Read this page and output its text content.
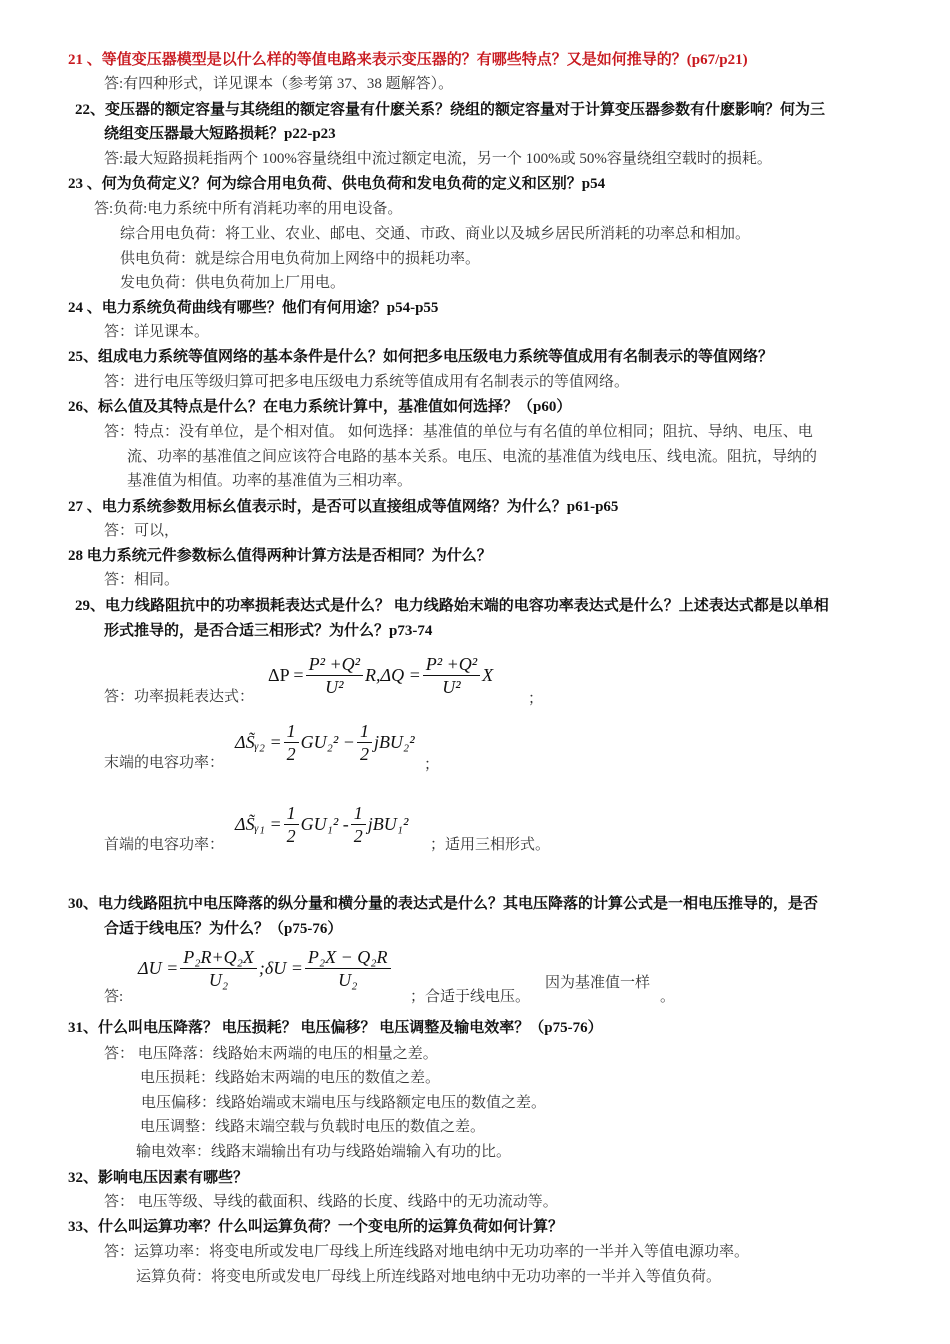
21 、等值变压器模型是以什么样的等值电路来表示变压器的？有哪些特点？又是如何推导的？(p67/p21)
答:有四种形式，详见课本（参考第 37、38 题解答）。
22、变压器的额定容量与其绕组的额定容量有什麽关系？绕组的额定容量对于计算变压器参数有什麽影响？何为三
绕组变压器最大短路损耗？p22-p23
答:最大短路损耗指两个 100%容量绕组中流过额定电流，另一个 100%或 50%容量绕组空载时的损耗。
23 、何为负荷定义？何为综合用电负荷、供电负荷和发电负荷的定义和区别？p54
答:负荷:电力系统中所有消耗功率的用电设备。
综合用电负荷：将工业、农业、邮电、交通、市政、商业以及城乡居民所消耗的功率总和相加。
供电负荷：就是综合用电负荷加上网络中的损耗功率。
发电负荷：供电负荷加上厂用电。
24 、电力系统负荷曲线有哪些？他们有何用途？p54-p55
答：详见课本。
25、组成电力系统等值网络的基本条件是什么？如何把多电压级电力系统等值成用有名制表示的等值网络？
答：进行电压等级归算可把多电压级电力系统等值成用有名制表示的等值网络。
26、标么值及其特点是什么？在电力系统计算中，基准值如何选择？（p60）
答：特点：没有单位，是个相对值。 如何选择：基准值的单位与有名值的单位相同；阻抗、导纳、电压、电
流、功率的基准值之间应该符合电路的基本关系。电压、电流的基准值为线电压、线电流。阻抗，导纳的
基准值为相值。功率的基准值为三相功率。
27 、电力系统参数用标幺值表示时，是否可以直接组成等值网络？为什么？p61-p65
答：可以，
28 电力系统元件参数标么值得两种计算方法是否相同？为什么？
答：相同。
29、电力线路阻抗中的功率损耗表达式是什么？ 电力线路始末端的电容功率表达式是什么？上述表达式都是以单相
形式推导的，是否合适三相形式？为什么？p73-74
答：功率损耗表达式：
$\Delta P = \frac{\text{P² +Q²}}{\text{U²}} R,\Delta Q = \frac{\text{P² +Q²}}{\text{U²}}$ X
；
末端的电容功率：
ΔS̃ᵧ₂ = $\frac{1}{2} GU_2^2 - \frac{1}{2} jBU_2^2$
；
首端的电容功率：
ΔS̃ᵧ₁ = $\frac{1}{2} GU_1^2 - \frac{1}{2} jBU_1^2$
；适用三相形式。
30、电力线路阻抗中电压降落的纵分量和横分量的表达式是什么？其电压降落的计算公式是一相电压推导的，是否
合适于线电压？为什么？（p75-76）
答:
$\Delta U = \frac{\text{P₂R+Q₂X}}{\text{U₂}}$ ;δU = $\frac{\text{P₂X − Q₂R}}{\text{U₂}}$
；合适于线电压。
因为基准值一样
。
31、什么叫电压降落？ 电压损耗？ 电压偏移？ 电压调整及输电效率？（p75-76）
答： 电压降落：线路始末两端的电压的相量之差。
电压损耗：线路始末两端的电压的数值之差。
电压偏移：线路始端或末端电压与线路额定电压的数值之差。
电压调整：线路末端空载与负载时电压的数值之差。
输电效率：线路末端输出有功与线路始端输入有功的比。
32、影响电压因素有哪些？
答： 电压等级、导线的截面积、线路的长度、线路中的无功流动等。
33、什么叫运算功率？什么叫运算负荷？一个变电所的运算负荷如何计算？
答：运算功率：将变电所或发电厂母线上所连线路对地电纳中无功功率的一半并入等值电源功率。
运算负荷：将变电所或发电厂母线上所连线路对地电纳中无功功率的一半并入等值负荷。
